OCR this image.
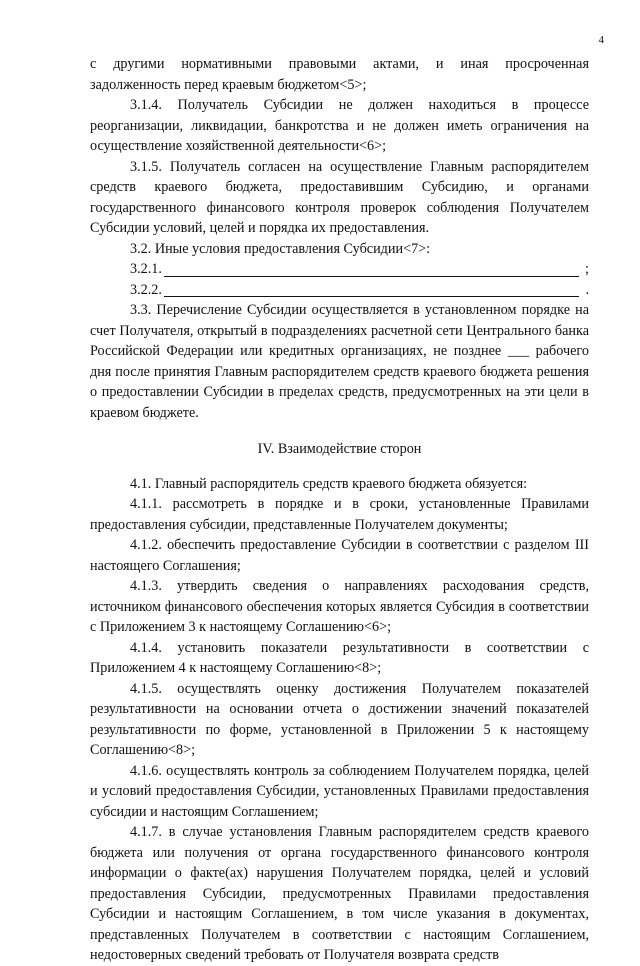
4

с другими нормативными правовыми актами, и иная просроченная задолженность перед краевым бюджетом<5>;

3.1.4. Получатель Субсидии не должен находиться в процессе реорганизации, ликвидации, банкротства и не должен иметь ограничения на осуществление хозяйственной деятельности<6>;

3.1.5. Получатель согласен на осуществление Главным распорядителем средств краевого бюджета, предоставившим Субсидию, и органами государственного финансового контроля проверок соблюдения Получателем Субсидии условий, целей и порядка их предоставления.

3.2. Иные условия предоставления Субсидии<7>:

3.2.1.	;
3.2.2.	.

3.3. Перечисление Субсидии осуществляется в установленном порядке на счет Получателя, открытый в подразделениях расчетной сети Центрального банка Российской Федерации или кредитных организациях, не позднее ___ рабочего дня после принятия Главным распорядителем средств краевого бюджета решения о предоставлении Субсидии в пределах средств, предусмотренных на эти цели в краевом бюджете.

IV. Взаимодействие сторон

4.1. Главный распорядитель средств краевого бюджета обязуется:

4.1.1. рассмотреть в порядке и в сроки, установленные Правилами предоставления субсидии, представленные Получателем документы;

4.1.2. обеспечить предоставление Субсидии в соответствии с разделом III настоящего Соглашения;

4.1.3. утвердить сведения о направлениях расходования средств, источником финансового обеспечения которых является Субсидия в соответствии с Приложением 3 к настоящему Соглашению<6>;

4.1.4. установить показатели результативности в соответствии с Приложением 4 к настоящему Соглашению<8>;

4.1.5. осуществлять оценку достижения Получателем показателей результативности на основании отчета о достижении значений показателей результативности по форме, установленной в Приложении 5 к настоящему Соглашению<8>;

4.1.6. осуществлять контроль за соблюдением Получателем порядка, целей и условий предоставления Субсидии, установленных Правилами предоставления субсидии и настоящим Соглашением;

4.1.7. в случае установления Главным распорядителем средств краевого бюджета или получения от органа государственного финансового контроля информации о факте(ах) нарушения Получателем порядка, целей и условий предоставления Субсидии, предусмотренных Правилами предоставления Субсидии и настоящим Соглашением, в том числе указания в документах, представленных Получателем в соответствии с настоящим Соглашением, недостоверных сведений требовать от Получателя возврата средств
